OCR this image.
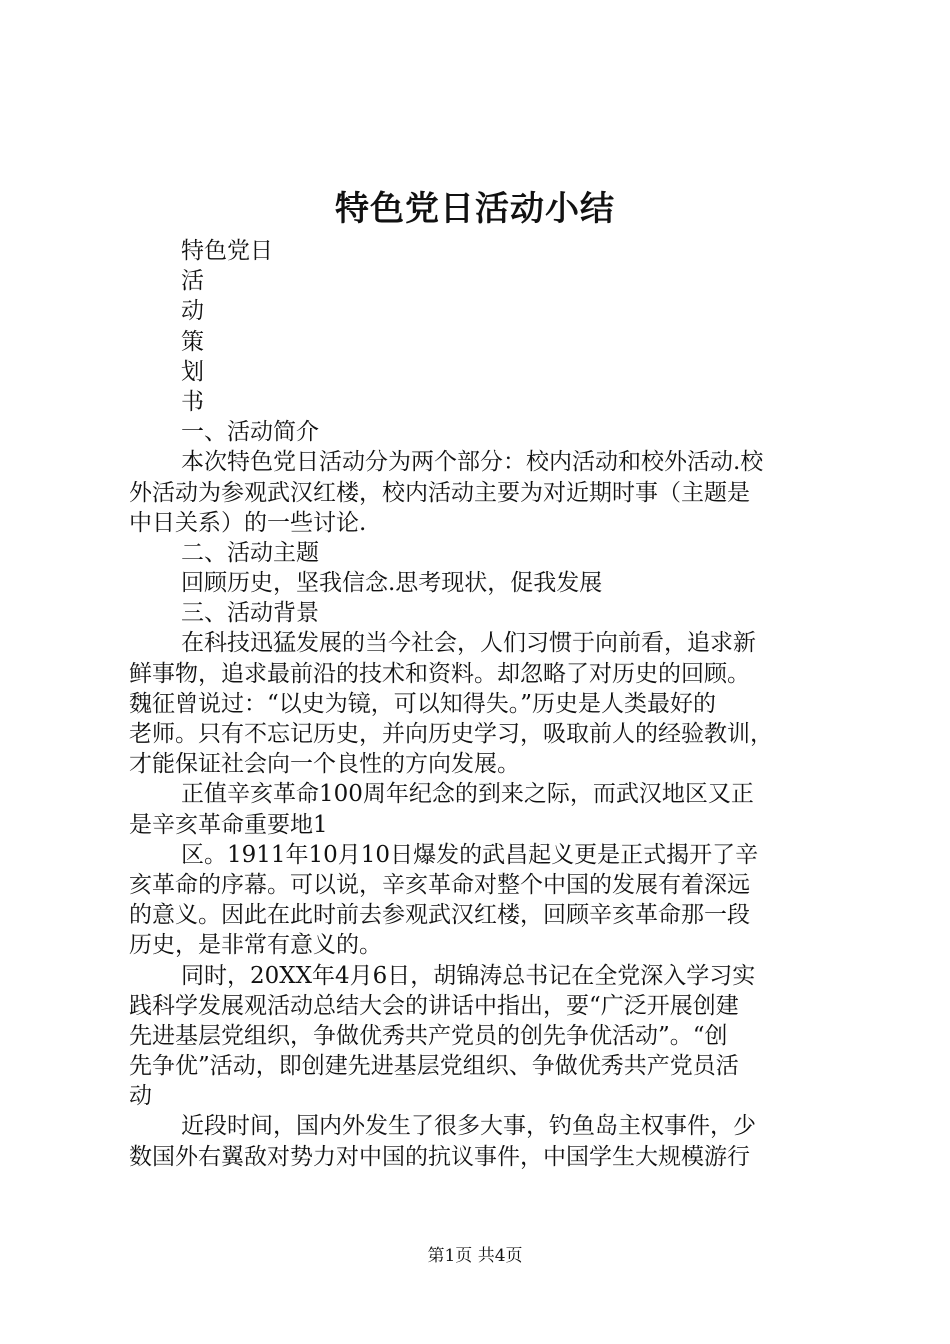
特色党日活动小结
特色党日
活
动
策
划
书
一、活动简介
本次特色党日活动分为两个部分：校内活动和校外活动.校
外活动为参观武汉红楼，校内活动主要为对近期时事（主题是
中日关系）的一些讨论.
二、活动主题
回顾历史，坚我信念.思考现状，促我发展
三、活动背景
在科技迅猛发展的当今社会，人们习惯于向前看，追求新
鲜事物，追求最前沿的技术和资料。却忽略了对历史的回顾。
魏征曾说过：“以史为镜，可以知得失。”历史是人类最好的
老师。只有不忘记历史，并向历史学习，吸取前人的经验教训，
才能保证社会向一个良性的方向发展。
正值辛亥革命100周年纪念的到来之际，而武汉地区又正
是辛亥革命重要地1
区。1911年10月10日爆发的武昌起义更是正式揭开了辛
亥革命的序幕。可以说，辛亥革命对整个中国的发展有着深远
的意义。因此在此时前去参观武汉红楼，回顾辛亥革命那一段
历史，是非常有意义的。
同时，20XX年4月6日，胡锦涛总书记在全党深入学习实
践科学发展观活动总结大会的讲话中指出，要“广泛开展创建
先进基层党组织，争做优秀共产党员的创先争优活动”。“创
先争优”活动，即创建先进基层党组织、争做优秀共产党员活
动
近段时间，国内外发生了很多大事，钓鱼岛主权事件，少
数国外右翼敌对势力对中国的抗议事件，中国学生大规模游行
第1页 共4页
